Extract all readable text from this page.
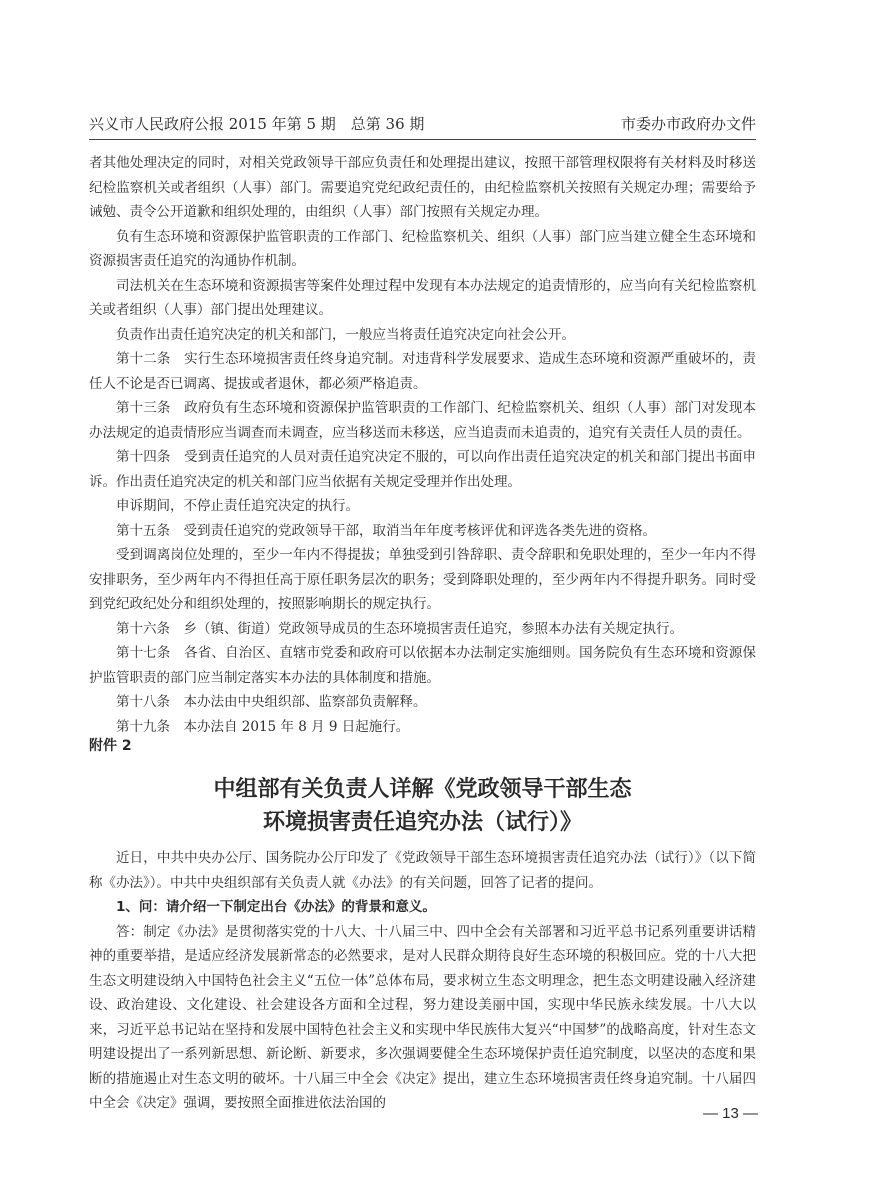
兴义市人民政府公报 2015 年第 5 期　总第 36 期	市委办市政府办文件

者其他处理决定的同时，对相关党政领导干部应负责任和处理提出建议，按照干部管理权限将有关材料及时移送纪检监察机关或者组织（人事）部门。需要追究党纪政纪责任的，由纪检监察机关按照有关规定办理；需要给予诫勉、责令公开道歉和组织处理的，由组织（人事）部门按照有关规定办理。

负有生态环境和资源保护监管职责的工作部门、纪检监察机关、组织（人事）部门应当建立健全生态环境和资源损害责任追究的沟通协作机制。

司法机关在生态环境和资源损害等案件处理过程中发现有本办法规定的追责情形的，应当向有关纪检监察机关或者组织（人事）部门提出处理建议。

负责作出责任追究决定的机关和部门，一般应当将责任追究决定向社会公开。

第十二条　实行生态环境损害责任终身追究制。对违背科学发展要求、造成生态环境和资源严重破坏的，责任人不论是否已调离、提拔或者退休，都必须严格追责。

第十三条　政府负有生态环境和资源保护监管职责的工作部门、纪检监察机关、组织（人事）部门对发现本办法规定的追责情形应当调查而未调查，应当移送而未移送，应当追责而未追责的，追究有关责任人员的责任。

第十四条　受到责任追究的人员对责任追究决定不服的，可以向作出责任追究决定的机关和部门提出书面申诉。作出责任追究决定的机关和部门应当依据有关规定受理并作出处理。

申诉期间，不停止责任追究决定的执行。

第十五条　受到责任追究的党政领导干部，取消当年年度考核评优和评选各类先进的资格。

受到调离岗位处理的，至少一年内不得提拔；单独受到引咎辞职、责令辞职和免职处理的，至少一年内不得安排职务，至少两年内不得担任高于原任职务层次的职务；受到降职处理的，至少两年内不得提升职务。同时受到党纪政纪处分和组织处理的，按照影响期长的规定执行。

第十六条　乡（镇、街道）党政领导成员的生态环境损害责任追究，参照本办法有关规定执行。

第十七条　各省、自治区、直辖市党委和政府可以依据本办法制定实施细则。国务院负有生态环境和资源保护监管职责的部门应当制定落实本办法的具体制度和措施。

第十八条　本办法由中央组织部、监察部负责解释。

第十九条　本办法自 2015 年 8 月 9 日起施行。

附件 2
中组部有关负责人详解《党政领导干部生态
环境损害责任追究办法（试行）》

近日，中共中央办公厅、国务院办公厅印发了《党政领导干部生态环境损害责任追究办法（试行）》（以下简称《办法》）。中共中央组织部有关负责人就《办法》的有关问题，回答了记者的提问。

1、问：请介绍一下制定出台《办法》的背景和意义。

答：制定《办法》是贯彻落实党的十八大、十八届三中、四中全会有关部署和习近平总书记系列重要讲话精神的重要举措，是适应经济发展新常态的必然要求，是对人民群众期待良好生态环境的积极回应。党的十八大把生态文明建设纳入中国特色社会主义“五位一体”总体布局，要求树立生态文明理念，把生态文明建设融入经济建设、政治建设、文化建设、社会建设各方面和全过程，努力建设美丽中国，实现中华民族永续发展。十八大以来，习近平总书记站在坚持和发展中国特色社会主义和实现中华民族伟大复兴“中国梦”的战略高度，针对生态文明建设提出了一系列新思想、新论断、新要求，多次强调要健全生态环境保护责任追究制度，以坚决的态度和果断的措施遏止对生态文明的破坏。十八届三中全会《决定》提出，建立生态环境损害责任终身追究制。十八届四中全会《决定》强调，要按照全面推进依法治国的

— 13 —
